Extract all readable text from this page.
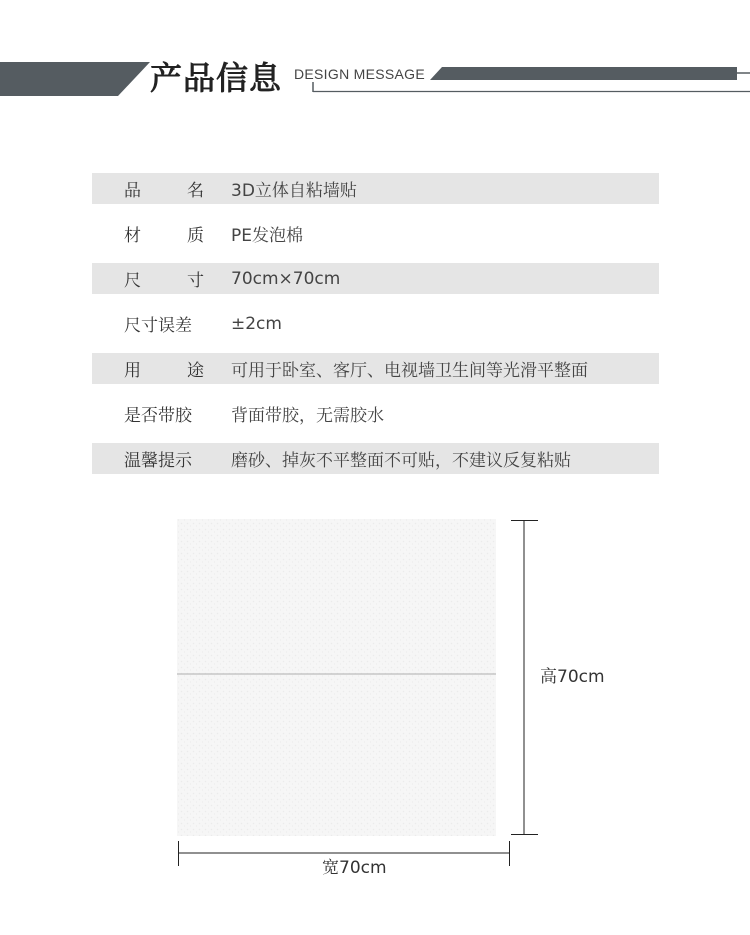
产品信息 DESIGN MESSAGE
品	名 3D立体自粘墙贴
材	质 PE发泡棉
尺	寸 70cm×70cm
尺寸误差	±2cm
用	途 可用于卧室、客厅、电视墙卫生间等光滑平整面
是否带胶	背面带胶，无需胶水
温馨提示	磨砂、掉灰不平整面不可贴，不建议反复粘贴
高70cm
宽70cm
